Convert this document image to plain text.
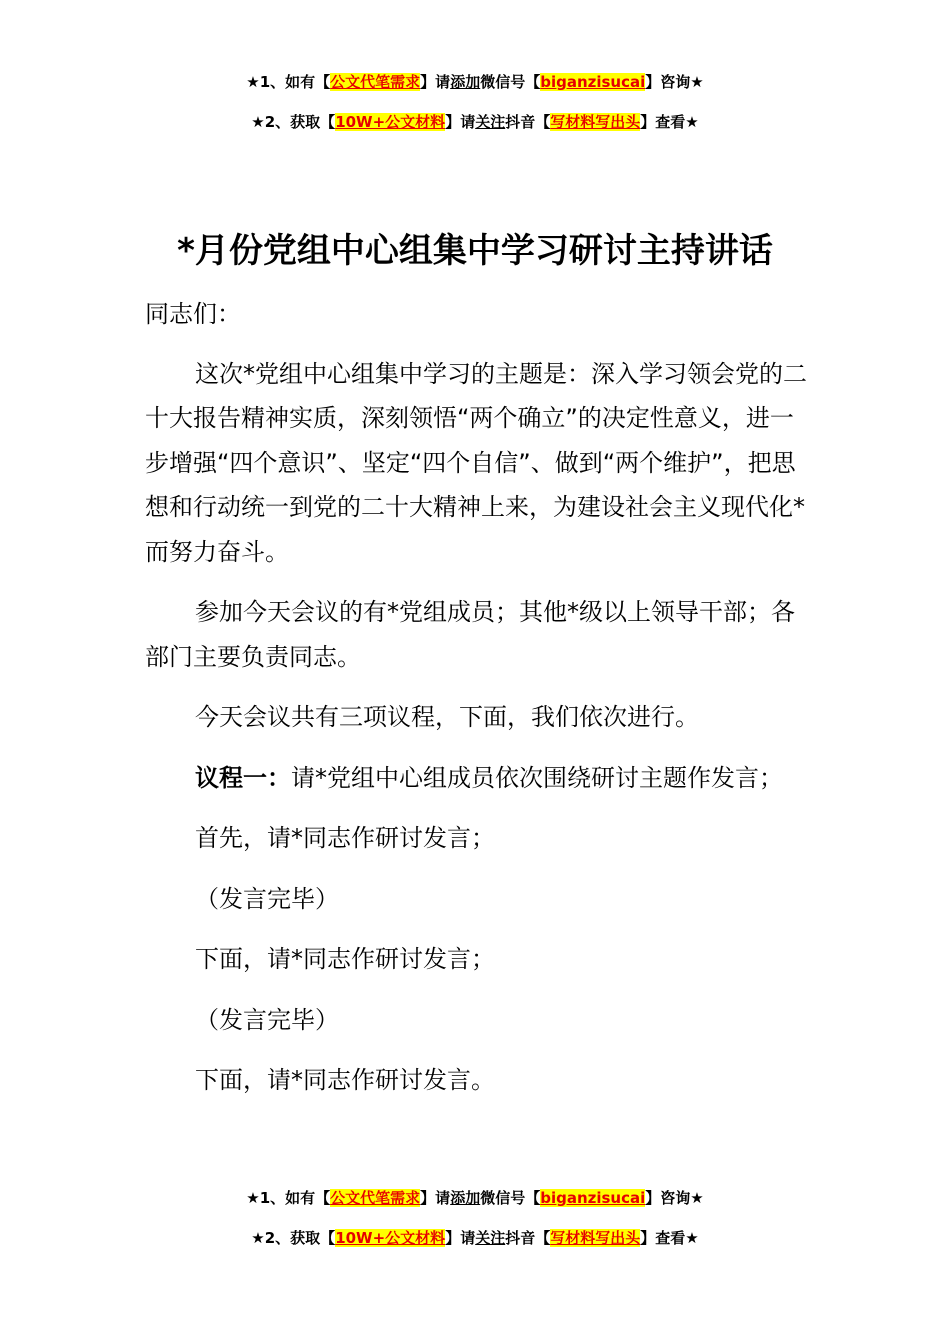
★1、如有【公文代笔需求】请添加微信号【biganzisucai】咨询★
★2、获取【10W+公文材料】请关注抖音【写材料写出头】查看★
*月份党组中心组集中学习研讨主持讲话

同志们：

这次*党组中心组集中学习的主题是：深入学习领会党的二十大报告精神实质，深刻领悟“两个确立”的决定性意义，进一步增强“四个意识”、坚定“四个自信”、做到“两个维护”，把思想和行动统一到党的二十大精神上来，为建设社会主义现代化*而努力奋斗。

参加今天会议的有*党组成员；其他*级以上领导干部；各部门主要负责同志。

今天会议共有三项议程，下面，我们依次进行。

议程一：请*党组中心组成员依次围绕研讨主题作发言；

首先，请*同志作研讨发言；

（发言完毕）

下面，请*同志作研讨发言；

（发言完毕）

下面，请*同志作研讨发言。

★1、如有【公文代笔需求】请添加微信号【biganzisucai】咨询★
★2、获取【10W+公文材料】请关注抖音【写材料写出头】查看★
